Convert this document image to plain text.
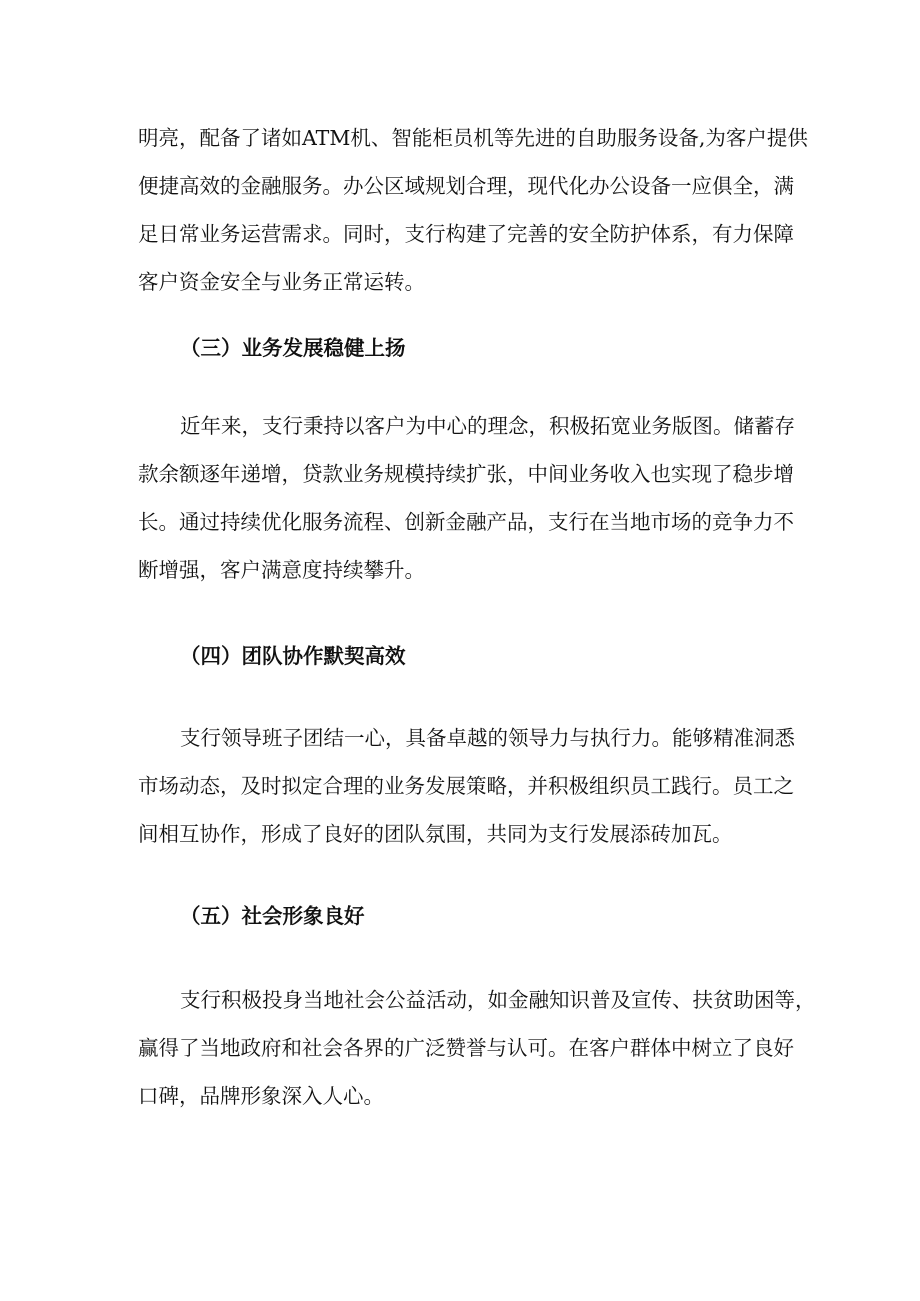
明亮，配备了诸如ATM机、智能柜员机等先进的自助服务设备,为客户提供
便捷高效的金融服务。办公区域规划合理，现代化办公设备一应俱全，满
足日常业务运营需求。同时，支行构建了完善的安全防护体系，有力保障
客户资金安全与业务正常运转。
（三）业务发展稳健上扬
近年来，支行秉持以客户为中心的理念，积极拓宽业务版图。储蓄存
款余额逐年递增，贷款业务规模持续扩张，中间业务收入也实现了稳步增
长。通过持续优化服务流程、创新金融产品，支行在当地市场的竞争力不
断增强，客户满意度持续攀升。
（四）团队协作默契高效
支行领导班子团结一心，具备卓越的领导力与执行力。能够精准洞悉
市场动态，及时拟定合理的业务发展策略，并积极组织员工践行。员工之
间相互协作，形成了良好的团队氛围，共同为支行发展添砖加瓦。
（五）社会形象良好
支行积极投身当地社会公益活动，如金融知识普及宣传、扶贫助困等，
赢得了当地政府和社会各界的广泛赞誉与认可。在客户群体中树立了良好
口碑，品牌形象深入人心。
